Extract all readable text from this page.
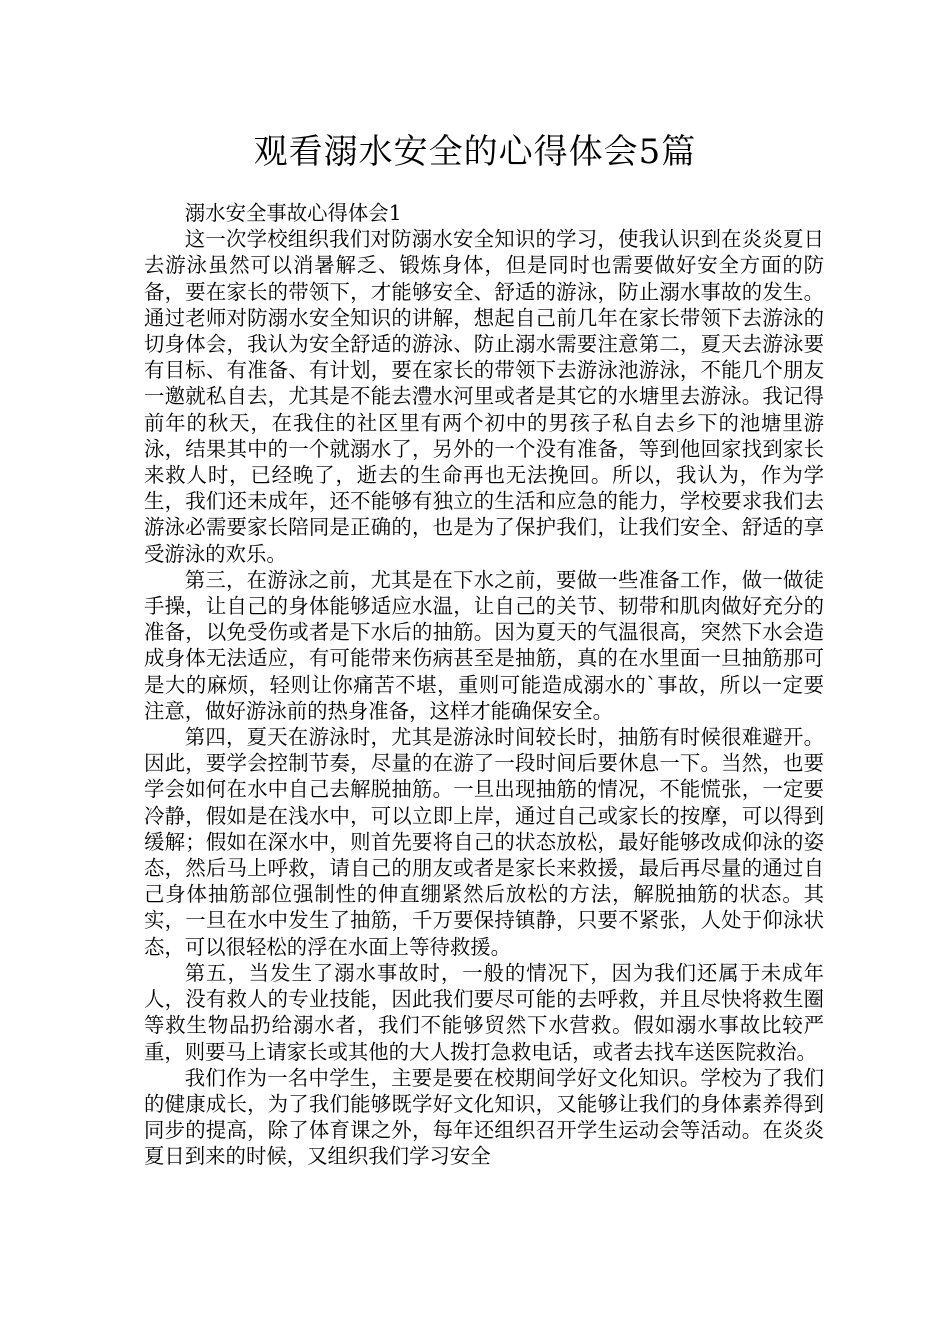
观看溺水安全的心得体会5篇

溺水安全事故心得体会1

这一次学校组织我们对防溺水安全知识的学习，使我认识到在炎炎夏日去游泳虽然可以消暑解乏、锻炼身体，但是同时也需要做好安全方面的防备，要在家长的带领下，才能够安全、舒适的游泳，防止溺水事故的发生。通过老师对防溺水安全知识的讲解，想起自己前几年在家长带领下去游泳的切身体会，我认为安全舒适的游泳、防止溺水需要注意第二，夏天去游泳要有目标、有准备、有计划，要在家长的带领下去游泳池游泳，不能几个朋友一邀就私自去，尤其是不能去澧水河里或者是其它的水塘里去游泳。我记得前年的秋天，在我住的社区里有两个初中的男孩子私自去乡下的池塘里游泳，结果其中的一个就溺水了，另外的一个没有准备，等到他回家找到家长来救人时，已经晚了，逝去的生命再也无法挽回。所以，我认为，作为学生，我们还未成年，还不能够有独立的生活和应急的能力，学校要求我们去游泳必需要家长陪同是正确的，也是为了保护我们，让我们安全、舒适的享受游泳的欢乐。

第三，在游泳之前，尤其是在下水之前，要做一些准备工作，做一做徒手操，让自己的身体能够适应水温，让自己的关节、韧带和肌肉做好充分的准备，以免受伤或者是下水后的抽筋。因为夏天的气温很高，突然下水会造成身体无法适应，有可能带来伤病甚至是抽筋，真的在水里面一旦抽筋那可是大的麻烦，轻则让你痛苦不堪，重则可能造成溺水的`事故，所以一定要注意，做好游泳前的热身准备，这样才能确保安全。

第四，夏天在游泳时，尤其是游泳时间较长时，抽筋有时候很难避开。因此，要学会控制节奏，尽量的在游了一段时间后要休息一下。当然，也要学会如何在水中自己去解脱抽筋。一旦出现抽筋的情况，不能慌张，一定要冷静，假如是在浅水中，可以立即上岸，通过自己或家长的按摩，可以得到缓解；假如在深水中，则首先要将自己的状态放松，最好能够改成仰泳的姿态，然后马上呼救，请自己的朋友或者是家长来救援，最后再尽量的通过自己身体抽筋部位强制性的伸直绷紧然后放松的方法，解脱抽筋的状态。其实，一旦在水中发生了抽筋，千万要保持镇静，只要不紧张，人处于仰泳状态，可以很轻松的浮在水面上等待救援。

第五，当发生了溺水事故时，一般的情况下，因为我们还属于未成年人，没有救人的专业技能，因此我们要尽可能的去呼救，并且尽快将救生圈等救生物品扔给溺水者，我们不能够贸然下水营救。假如溺水事故比较严重，则要马上请家长或其他的大人拨打急救电话，或者去找车送医院救治。

我们作为一名中学生，主要是要在校期间学好文化知识。学校为了我们的健康成长，为了我们能够既学好文化知识，又能够让我们的身体素养得到同步的提高，除了体育课之外，每年还组织召开学生运动会等活动。在炎炎夏日到来的时候，又组织我们学习安全
